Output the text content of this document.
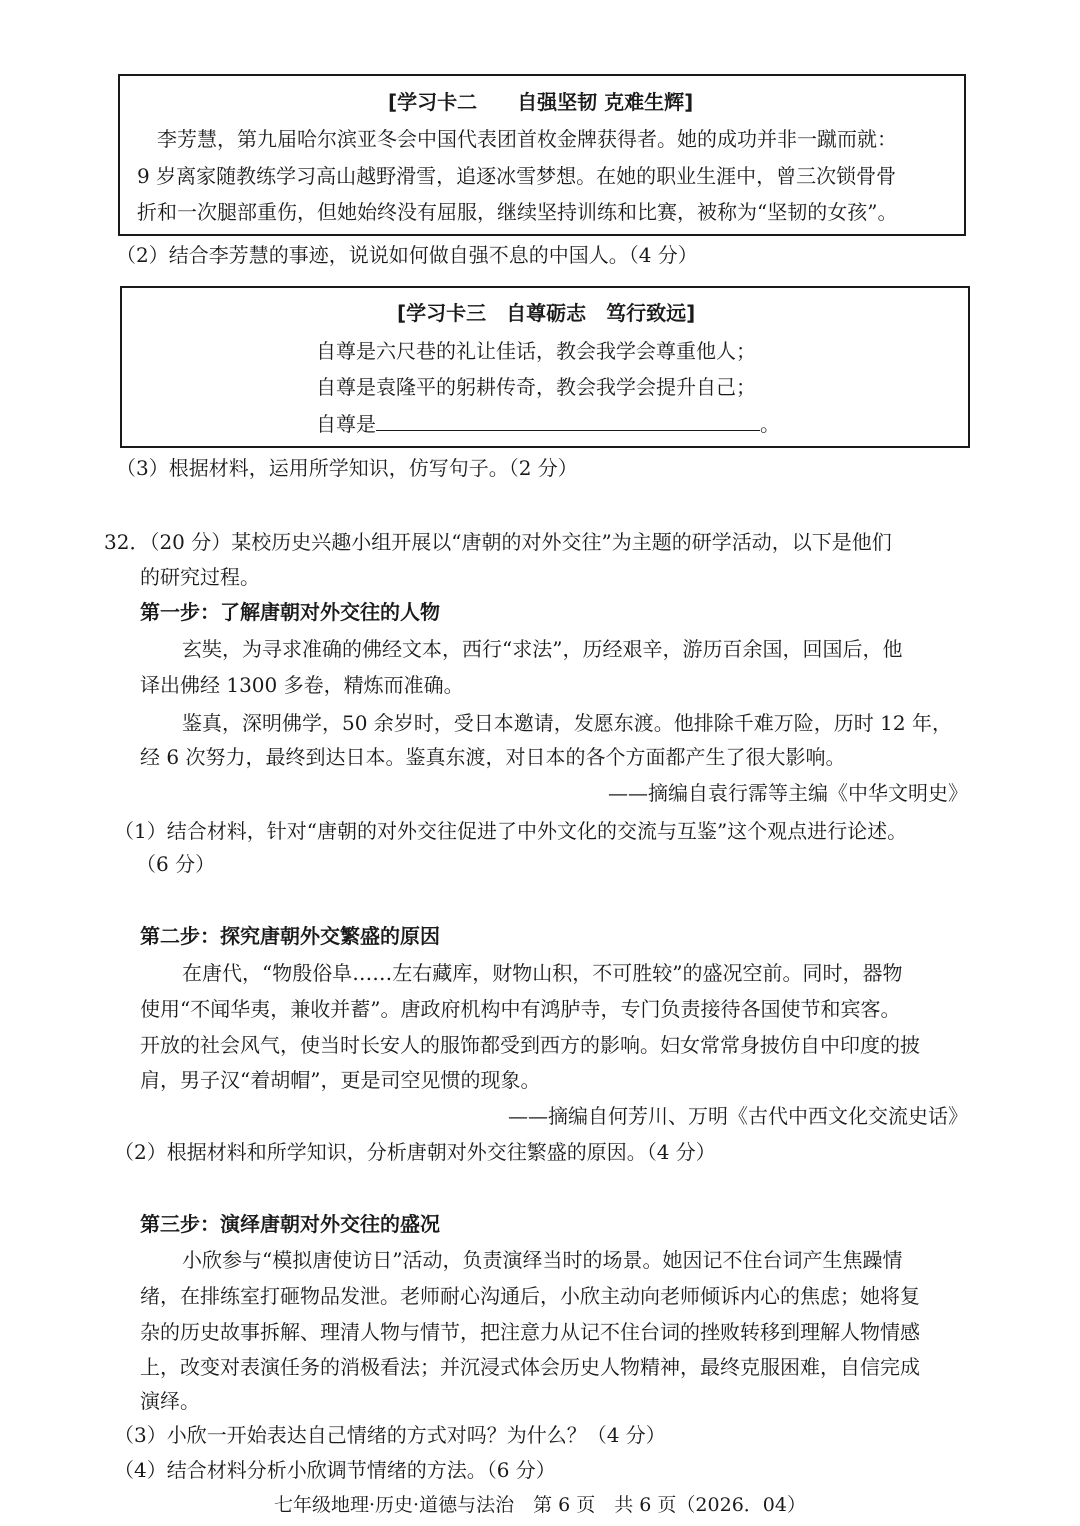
[学习卡二　　自强坚韧 克难生辉]
李芳慧，第九届哈尔滨亚冬会中国代表团首枚金牌获得者。她的成功并非一蹴而就：
9 岁离家随教练学习高山越野滑雪，追逐冰雪梦想。在她的职业生涯中，曾三次锁骨骨
折和一次腿部重伤，但她始终没有屈服，继续坚持训练和比赛，被称为“坚韧的女孩”。
（2）结合李芳慧的事迹，说说如何做自强不息的中国人。（4 分）
[学习卡三　自尊砺志　笃行致远]
自尊是六尺巷的礼让佳话，教会我学会尊重他人；
自尊是袁隆平的躬耕传奇，教会我学会提升自己；
自尊是	。
（3）根据材料，运用所学知识，仿写句子。（2 分）
32．（20 分）某校历史兴趣小组开展以“唐朝的对外交往”为主题的研学活动，以下是他们
的研究过程。
第一步：了解唐朝对外交往的人物
玄奘，为寻求准确的佛经文本，西行“求法”，历经艰辛，游历百余国，回国后，他
译出佛经 1300 多卷，精炼而准确。
鉴真，深明佛学，50 余岁时，受日本邀请，发愿东渡。他排除千难万险，历时 12 年，
经 6 次努力，最终到达日本。鉴真东渡，对日本的各个方面都产生了很大影响。
——摘编自袁行霈等主编《中华文明史》
（1）结合材料，针对“唐朝的对外交往促进了中外文化的交流与互鉴”这个观点进行论述。
（6 分）
第二步：探究唐朝外交繁盛的原因
在唐代，“物殷俗阜……左右藏库，财物山积，不可胜较”的盛况空前。同时，器物
使用“不闻华夷，兼收并蓄”。唐政府机构中有鸿胪寺，专门负责接待各国使节和宾客。
开放的社会风气，使当时长安人的服饰都受到西方的影响。妇女常常身披仿自中印度的披
肩，男子汉“着胡帽”，更是司空见惯的现象。
——摘编自何芳川、万明《古代中西文化交流史话》
（2）根据材料和所学知识，分析唐朝对外交往繁盛的原因。（4 分）
第三步：演绎唐朝对外交往的盛况
小欣参与“模拟唐使访日”活动，负责演绎当时的场景。她因记不住台词产生焦躁情
绪，在排练室打砸物品发泄。老师耐心沟通后，小欣主动向老师倾诉内心的焦虑；她将复
杂的历史故事拆解、理清人物与情节，把注意力从记不住台词的挫败转移到理解人物情感
上，改变对表演任务的消极看法；并沉浸式体会历史人物精神，最终克服困难，自信完成
演绎。
（3）小欣一开始表达自己情绪的方式对吗？为什么？（4 分）
（4）结合材料分析小欣调节情绪的方法。（6 分）
七年级地理·历史·道德与法治　第 6 页　共 6 页（2026．04）
